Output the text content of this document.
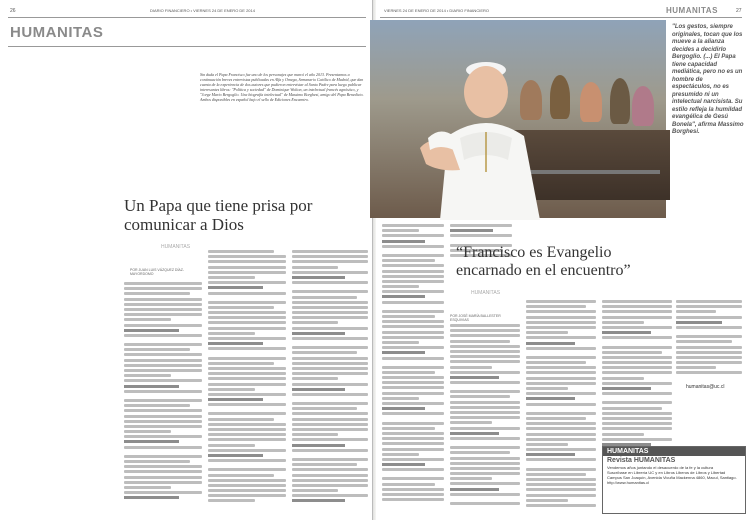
26	DIARIO FINANCIERO • VIERNES 24 DE ENERO DE 2014
HUMANITAS
Sin duda el Papa Francisco fue uno de los personajes que marcó el año 2013. Presentamos a continuación breves entrevistas publicadas en Alfa y Omega, Semanario Católico de Madrid, que dan cuenta de la experiencia de dos autores que pudieron entrevistar al Santo Padre para luego publicar interesantes libros: "Política y sociedad" de Dominique Wolton, un intelectual francés agnóstico, y "Jorge Mario Bergoglio. Una biografía intelectual" de Massimo Borghesi, amigo del Papa Benedicto. Ambos disponibles en español bajo el sello de Ediciones Encuentro.
Un Papa que tiene prisa por comunicar a Dios
HUMANITAS
POR JUAN LUIS VÁZQUEZ DÍAZ-MAYORDOMO
VIERNES 24 DE ENERO DE 2014 • DIARIO FINANCIERO	HUMANITAS	27
"Los gestos, siempre originales, tocan que los mueve a la alianza decides a decidirlo Bergoglio. (...) El Papa tiene capacidad mediática, pero no es un hombre de espectáculos, no es presumido ni un intelectual narcisista. Su estilo refleja la humildad evangélica de Gesú Bonela", afirma Massimo Borghesi.
“Francisco es Evangelio encarnado en el encuentro”
HUMANITAS
POR JOSÉ MARÍA BALLESTER ESQUIVIAS
humanitas@uc.cl
HUMANITAS
Revista HUMANITAS
Vendemos años juntando el desacuerdo de la fe y la cultura
Suscríbase en Librería UC y en Libros Liberos de Libros y Libertad
Campus San Joaquín, Avenida Vicuña Mackenna 4860, Macul, Santiago.
http://www.humanitas.cl
